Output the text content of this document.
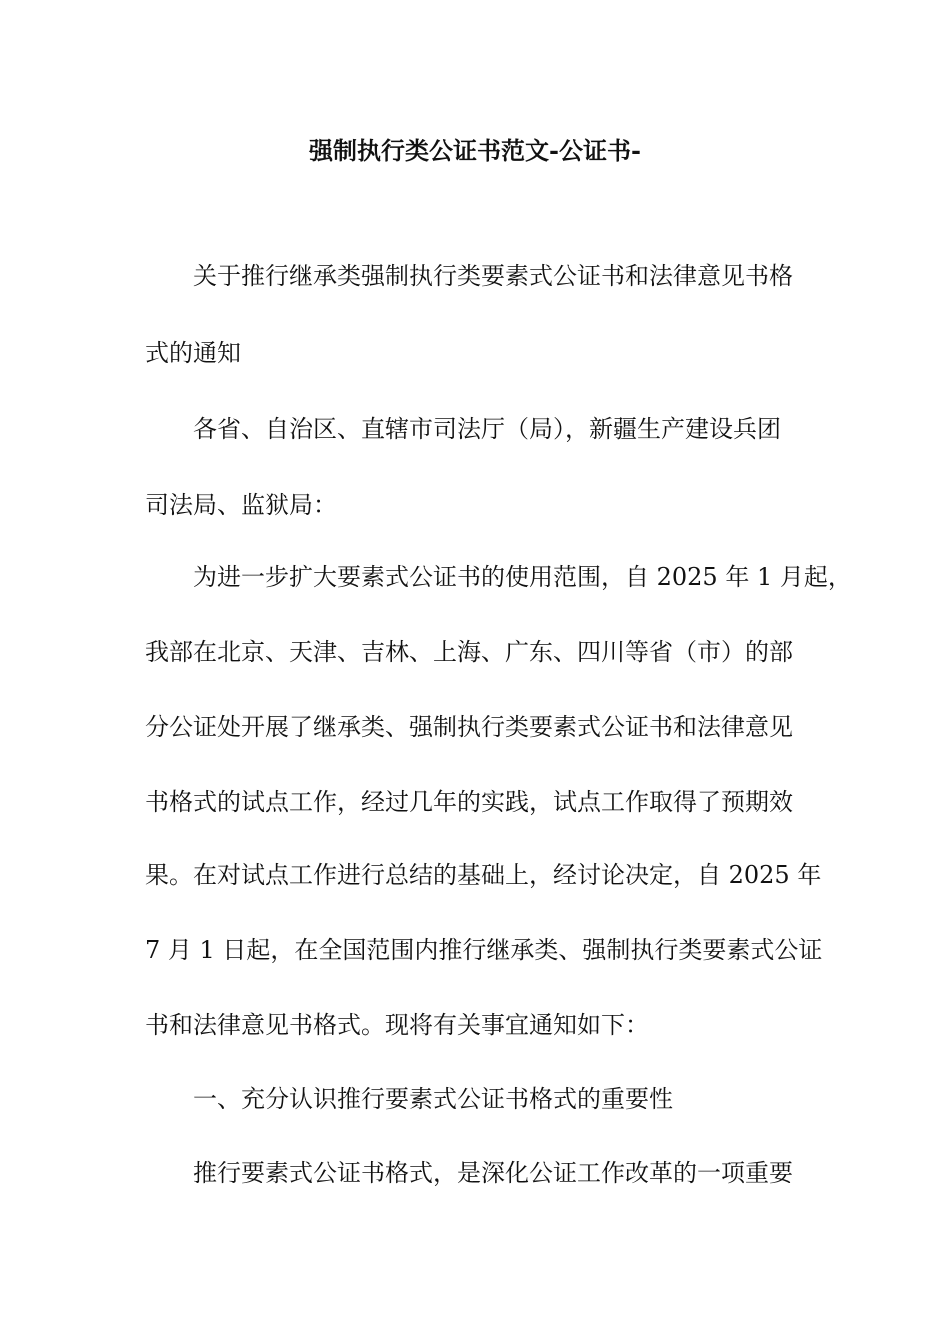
强制执行类公证书范文-公证书-
关于推行继承类强制执行类要素式公证书和法律意见书格
式的通知
各省、自治区、直辖市司法厅（局），新疆生产建设兵团
司法局、监狱局：
为进一步扩大要素式公证书的使用范围，自 2025 年 1 月起，
我部在北京、天津、吉林、上海、广东、四川等省（市）的部
分公证处开展了继承类、强制执行类要素式公证书和法律意见
书格式的试点工作，经过几年的实践，试点工作取得了预期效
果。在对试点工作进行总结的基础上，经讨论决定，自 2025 年
7 月 1 日起，在全国范围内推行继承类、强制执行类要素式公证
书和法律意见书格式。现将有关事宜通知如下：
一、充分认识推行要素式公证书格式的重要性
推行要素式公证书格式，是深化公证工作改革的一项重要
